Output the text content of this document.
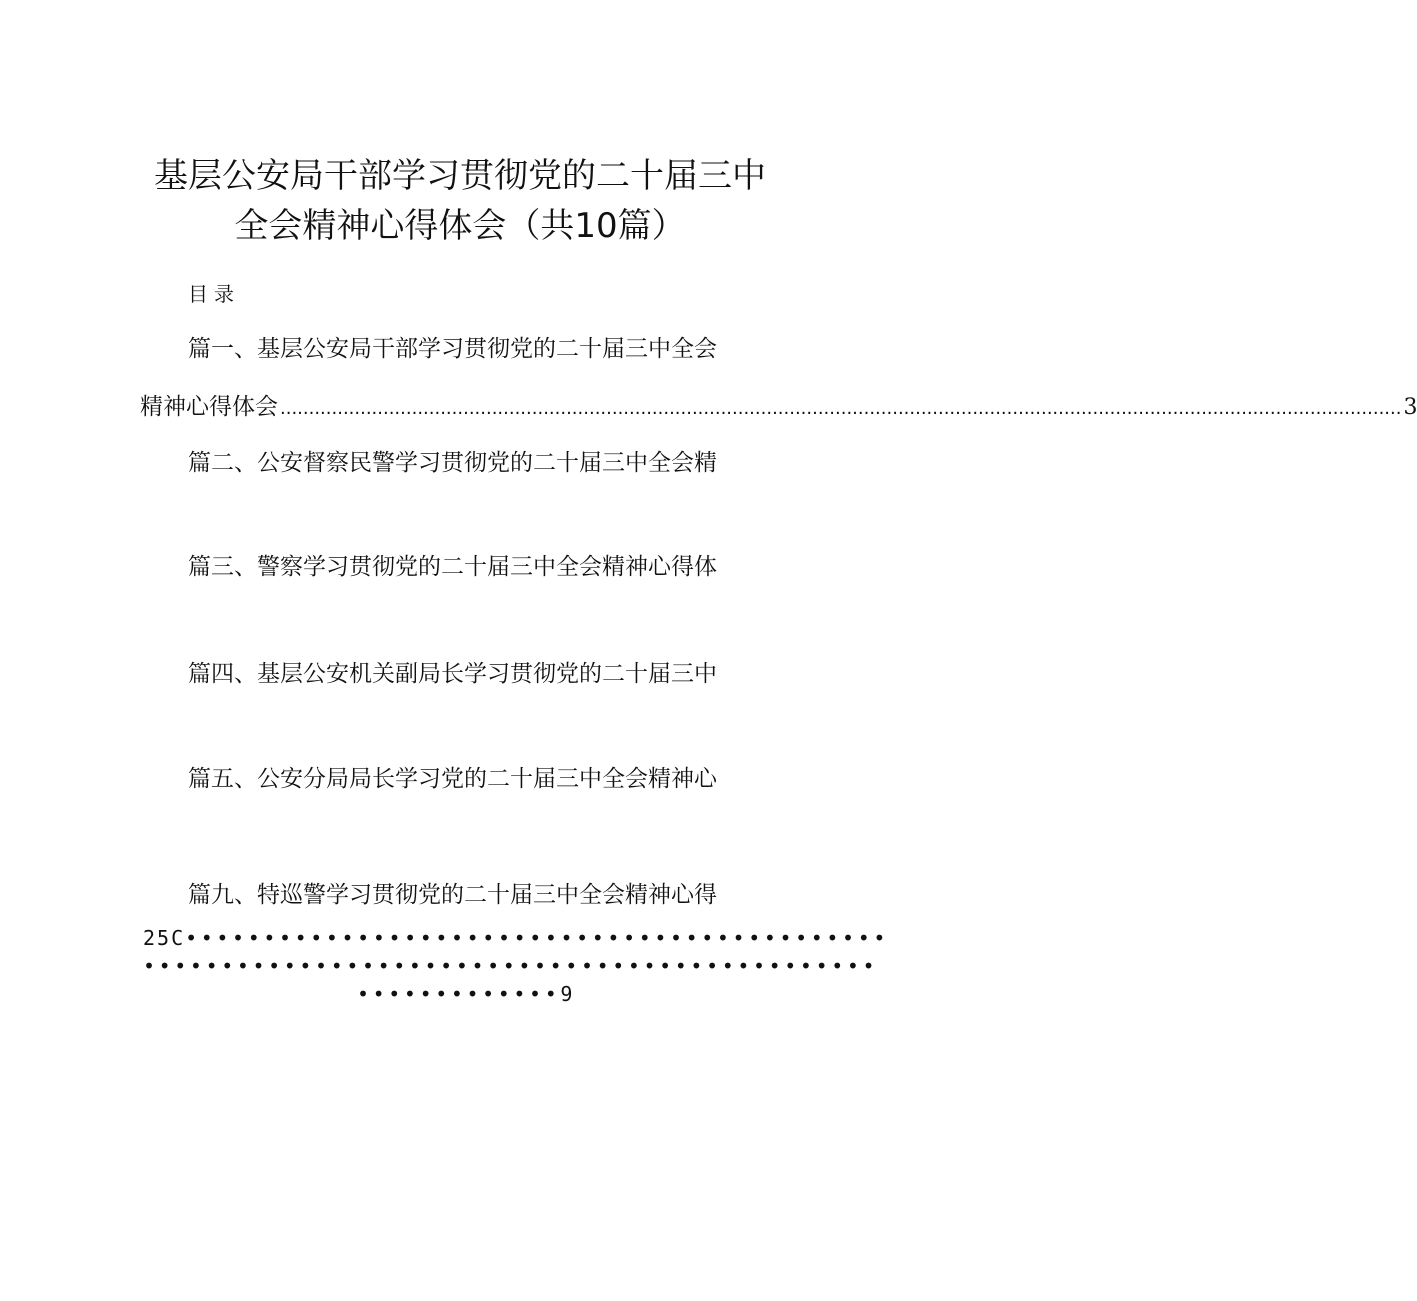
基层公安局干部学习贯彻党的二十届三中
全会精神心得体会（共10篇）
目录
篇一、基层公安局干部学习贯彻党的二十届三中全会
精神心得体会
.....	3
篇二、公安督察民警学习贯彻党的二十届三中全会精
篇三、警察学习贯彻党的二十届三中全会精神心得体
篇四、基层公安机关副局长学习贯彻党的二十届三中
篇五、公安分局局长学习党的二十届三中全会精神心
篇九、特巡警学习贯彻党的二十届三中全会精神心得
25C•••••••••••••••••••••••••••••••••••••••••••••
•••••••••••••••••••••••••••••••••••••••••••••••
•••••••••••••9
